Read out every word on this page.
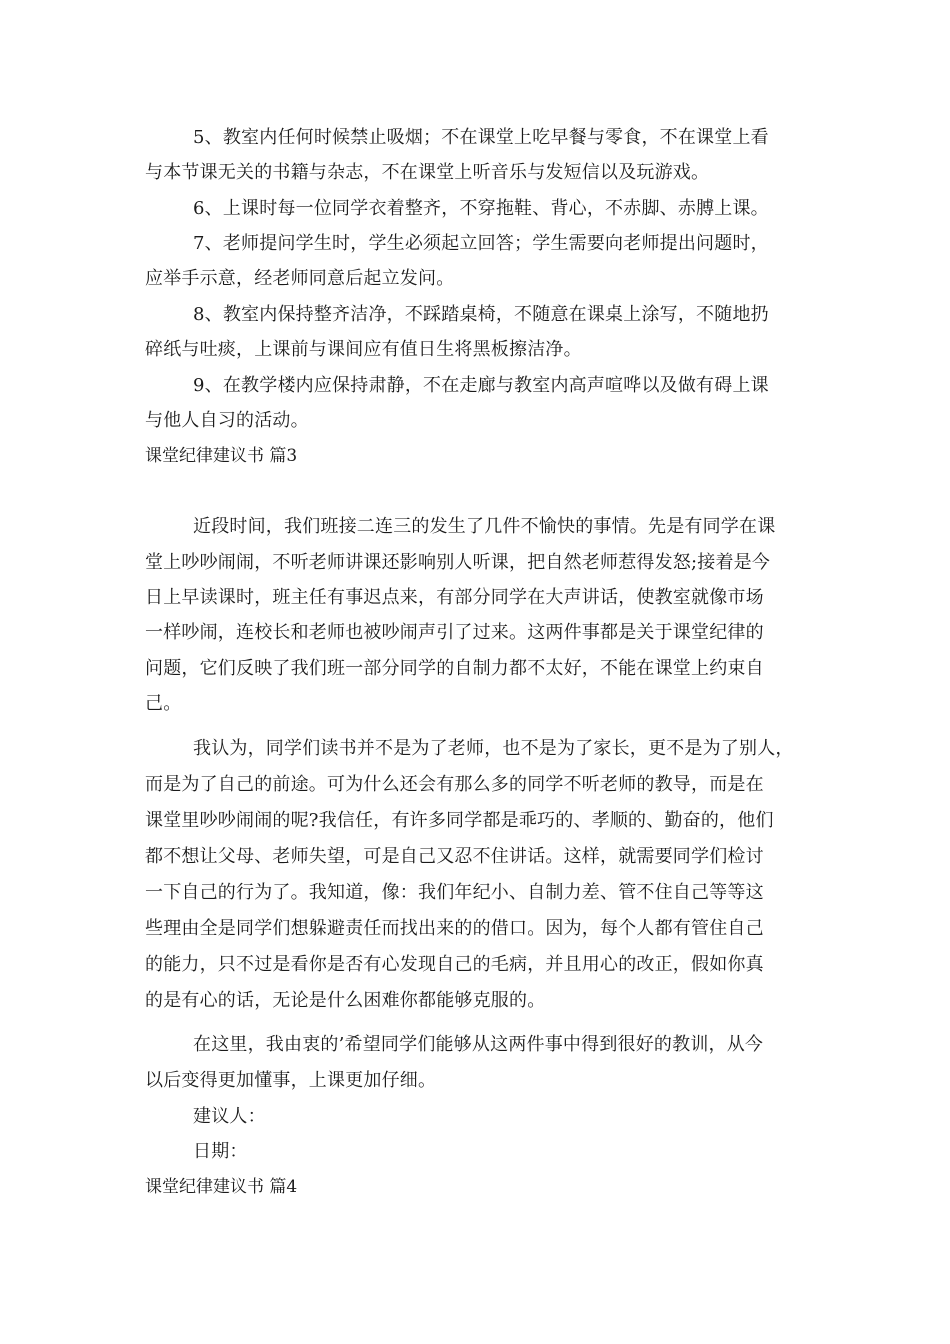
5、教室内任何时候禁止吸烟；不在课堂上吃早餐与零食，不在课堂上看
与本节课无关的书籍与杂志，不在课堂上听音乐与发短信以及玩游戏。
6、上课时每一位同学衣着整齐，不穿拖鞋、背心，不赤脚、赤膊上课。
7、老师提问学生时，学生必须起立回答；学生需要向老师提出问题时，
应举手示意，经老师同意后起立发问。
8、教室内保持整齐洁净，不踩踏桌椅，不随意在课桌上涂写，不随地扔
碎纸与吐痰，上课前与课间应有值日生将黑板擦洁净。
9、在教学楼内应保持肃静，不在走廊与教室内高声喧哗以及做有碍上课
与他人自习的活动。
课堂纪律建议书 篇3
近段时间，我们班接二连三的发生了几件不愉快的事情。先是有同学在课
堂上吵吵闹闹，不听老师讲课还影响别人听课，把自然老师惹得发怒;接着是今
日上早读课时，班主任有事迟点来，有部分同学在大声讲话，使教室就像市场
一样吵闹，连校长和老师也被吵闹声引了过来。这两件事都是关于课堂纪律的
问题，它们反映了我们班一部分同学的自制力都不太好，不能在课堂上约束自
己。
我认为，同学们读书并不是为了老师，也不是为了家长，更不是为了别人，
而是为了自己的前途。可为什么还会有那么多的同学不听老师的教导，而是在
课堂里吵吵闹闹的呢?我信任，有许多同学都是乖巧的、孝顺的、勤奋的，他们
都不想让父母、老师失望，可是自己又忍不住讲话。这样，就需要同学们检讨
一下自己的行为了。我知道，像：我们年纪小、自制力差、管不住自己等等这
些理由全是同学们想躲避责任而找出来的的借口。因为，每个人都有管住自己
的能力，只不过是看你是否有心发现自己的毛病，并且用心的改正，假如你真
的是有心的话，无论是什么困难你都能够克服的。
在这里，我由衷的’希望同学们能够从这两件事中得到很好的教训，从今
以后变得更加懂事，上课更加仔细。
建议人：
日期：
课堂纪律建议书 篇4
